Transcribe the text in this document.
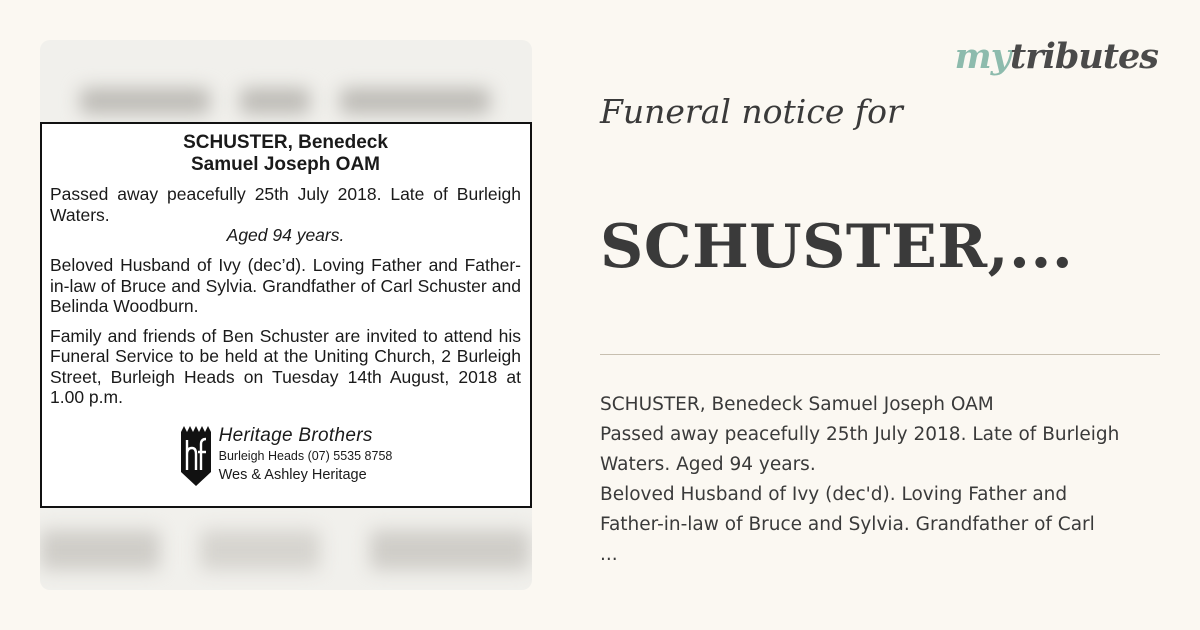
SCHUSTER, Benedeck
Samuel Joseph OAM

Passed away peacefully 25th July 2018. Late of Burleigh Waters.

Aged 94 years.

Beloved Husband of Ivy (dec’d). Loving Father and Father-in-law of Bruce and Sylvia. Grandfather of Carl Schuster and Belinda Woodburn.

Family and friends of Ben Schuster are invited to attend his Funeral Service to be held at the Uniting Church, 2 Burleigh Street, Burleigh Heads on Tuesday 14th August, 2018 at 1.00 p.m.

Heritage Brothers
Burleigh Heads (07) 5535 8758
Wes & Ashley Heritage
mytributes
Funeral notice for
SCHUSTER,...
SCHUSTER, Benedeck Samuel Joseph OAM
Passed away peacefully 25th July 2018. Late of Burleigh
Waters. Aged 94 years.
Beloved Husband of Ivy (dec'd). Loving Father and
Father-in-law of Bruce and Sylvia. Grandfather of Carl
...
